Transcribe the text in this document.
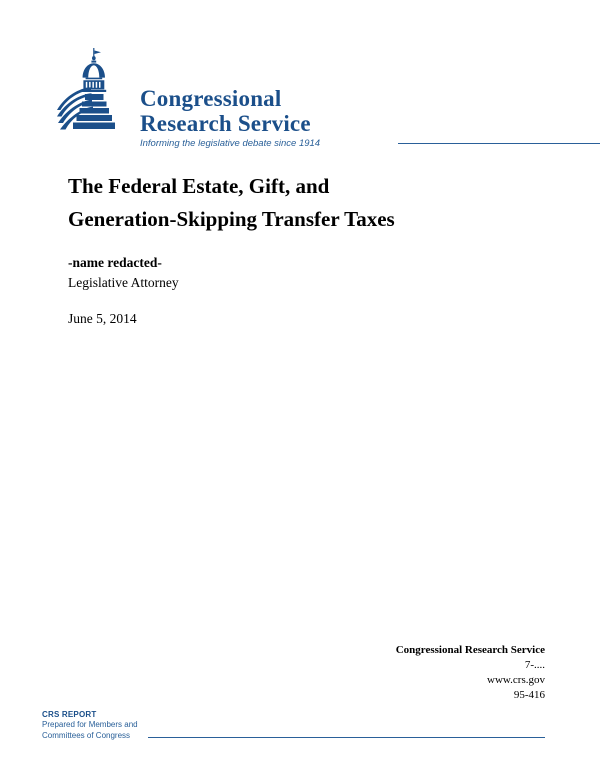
Congressional
Research Service
Informing the legislative debate since 1914
The Federal Estate, Gift, and
Generation-Skipping Transfer Taxes
-name redacted-
Legislative Attorney
June 5, 2014
Congressional Research Service
7-....
www.crs.gov
95-416
CRS REPORT
Prepared for Members and
Committees of Congress
